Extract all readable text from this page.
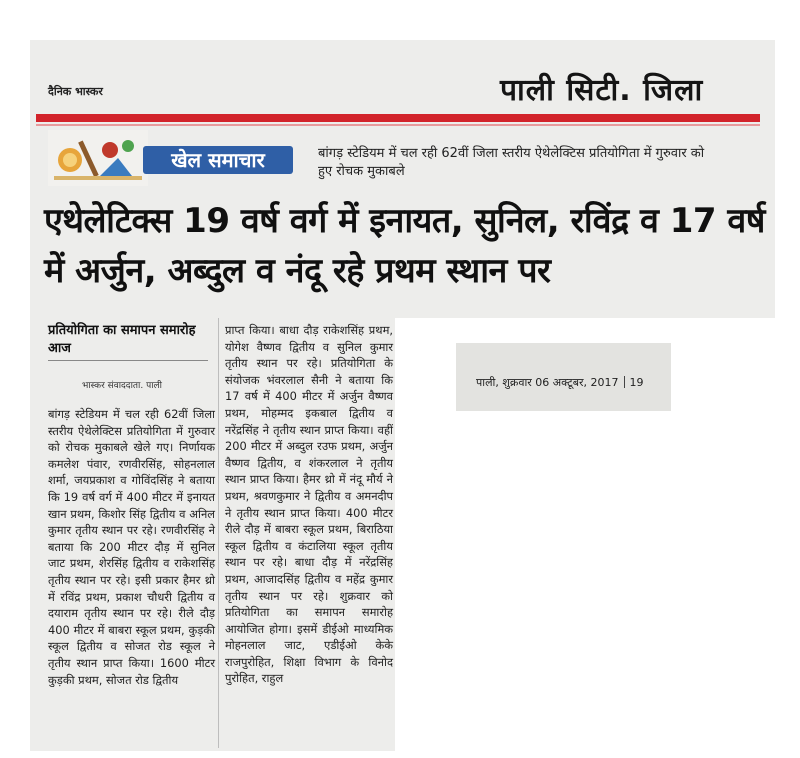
दैनिक भास्कर	पाली सिटी. जिला
खेल समाचार	बांगड़ स्टेडियम में चल रही 62वीं जिला स्तरीय ऐथेलेक्टिस प्रतियोगिता में गुरुवार को हुए रोचक मुकाबले
एथेलेटिक्स 19 वर्ष वर्ग में इनायत, सुनिल, रविंद्र व 17 वर्ष में अर्जुन, अब्दुल व नंदू रहे प्रथम स्थान पर
प्रतियोगिता का समापन समारोह आज
भास्कर संवाददाता. पाली
बांगड़ स्टेडियम में चल रही 62वीं जिला स्तरीय ऐथेलेक्टिस प्रतियोगिता में गुरुवार को रोचक मुकाबले खेले गए। निर्णायक कमलेश पंवार, रणवीरसिंह, सोहनलाल शर्मा, जयप्रकाश व गोविंदसिंह ने बताया कि 19 वर्ष वर्ग में 400 मीटर में इनायत खान प्रथम, किशोर सिंह द्वितीय व अनिल कुमार तृतीय स्थान पर रहे। रणवीरसिंह ने बताया कि 200 मीटर दौड़ में सुनिल जाट प्रथम, शेरसिंह द्वितीय व राकेशसिंह तृतीय स्थान पर रहे। इसी प्रकार हैमर थ्रो में रविंद्र प्रथम, प्रकाश चौधरी द्वितीय व दयाराम तृतीय स्थान पर रहे। रीले दौड़ 400 मीटर में बाबरा स्कूल प्रथम, कुड़की स्कूल द्वितीय व सोजत रोड स्कूल ने तृतीय स्थान प्राप्त किया। 1600 मीटर कुड़की प्रथम, सोजत रोड द्वितीय
प्राप्त किया। बाधा दौड़ राकेशसिंह प्रथम, योगेश वैष्णव द्वितीय व सुनिल कुमार तृतीय स्थान पर रहे। प्रतियोगिता के संयोजक भंवरलाल सैनी ने बताया कि 17 वर्ष में 400 मीटर में अर्जुन वैष्णव प्रथम, मोहम्मद इकबाल द्वितीय व नरेंद्रसिंह ने तृतीय स्थान प्राप्त किया। वहीं 200 मीटर में अब्दुल रउफ प्रथम, अर्जुन वैष्णव द्वितीय, व शंकरलाल ने तृतीय स्थान प्राप्त किया। हैमर थ्रो में नंदू मौर्य ने प्रथम, श्रवणकुमार ने द्वितीय व अमनदीप ने तृतीय स्थान प्राप्त किया। 400 मीटर रीले दौड़ में बाबरा स्कूल प्रथम, बिराठिया स्कूल द्वितीय व कंटालिया स्कूल तृतीय स्थान पर रहे। बाधा दौड़ में नरेंद्रसिंह प्रथम, आजादसिंह द्वितीय व महेंद्र कुमार तृतीय स्थान पर रहे। शुक्रवार को प्रतियोगिता का समापन समारोह आयोजित होगा। इसमें डीईओ माध्यमिक मोहनलाल जाट, एडीईओ केके राजपुरोहित, शिक्षा विभाग के विनोद पुरोहित, राहुल
पाली, शुक्रवार 06 अक्टूबर, 2017 19
